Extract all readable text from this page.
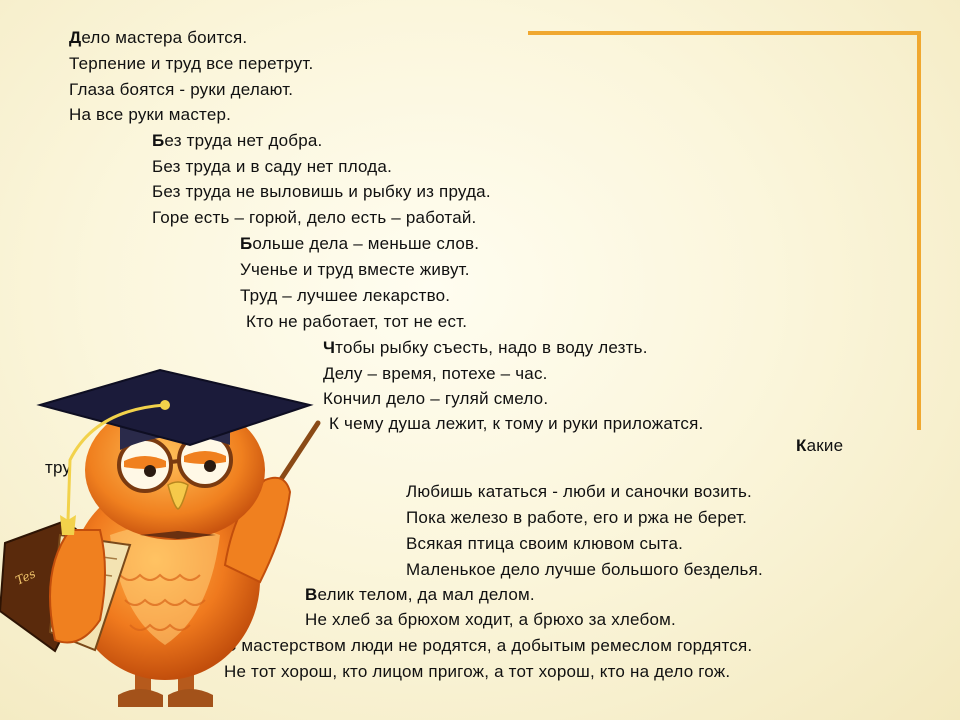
Дело мастера боится.
Терпение и труд все перетрут.
Глаза боятся - руки делают.
На все руки мастер.
Без труда нет добра.
Без труда и в саду нет плода.
Без труда не выловишь и рыбку из пруда.
Горе есть – горюй, дело есть – работай.
Больше дела – меньше слов.
Ученье и труд вместе живут.
Труд – лучшее лекарство.
Кто не работает, тот не ест.
Чтобы рыбку съесть, надо в воду лезть.
Делу – время, потехе – час.
Кончил дело – гуляй смело.
К чему душа лежит, к тому и руки приложатся.
Какие
тру
Любишь кататься - люби и саночки возить.
Пока железо в работе, его и ржа не берет.
Всякая птица своим клювом сыта.
Маленькое дело лучше большого безделья.
Велик телом, да мал делом.
Не хлеб за брюхом ходит, а брюхо за хлебом.
мастерством люди не родятся, а добытым ремеслом гордятся.
Не тот хорош, кто лицом пригож, а тот хорош, кто на дело гож.
Tes
